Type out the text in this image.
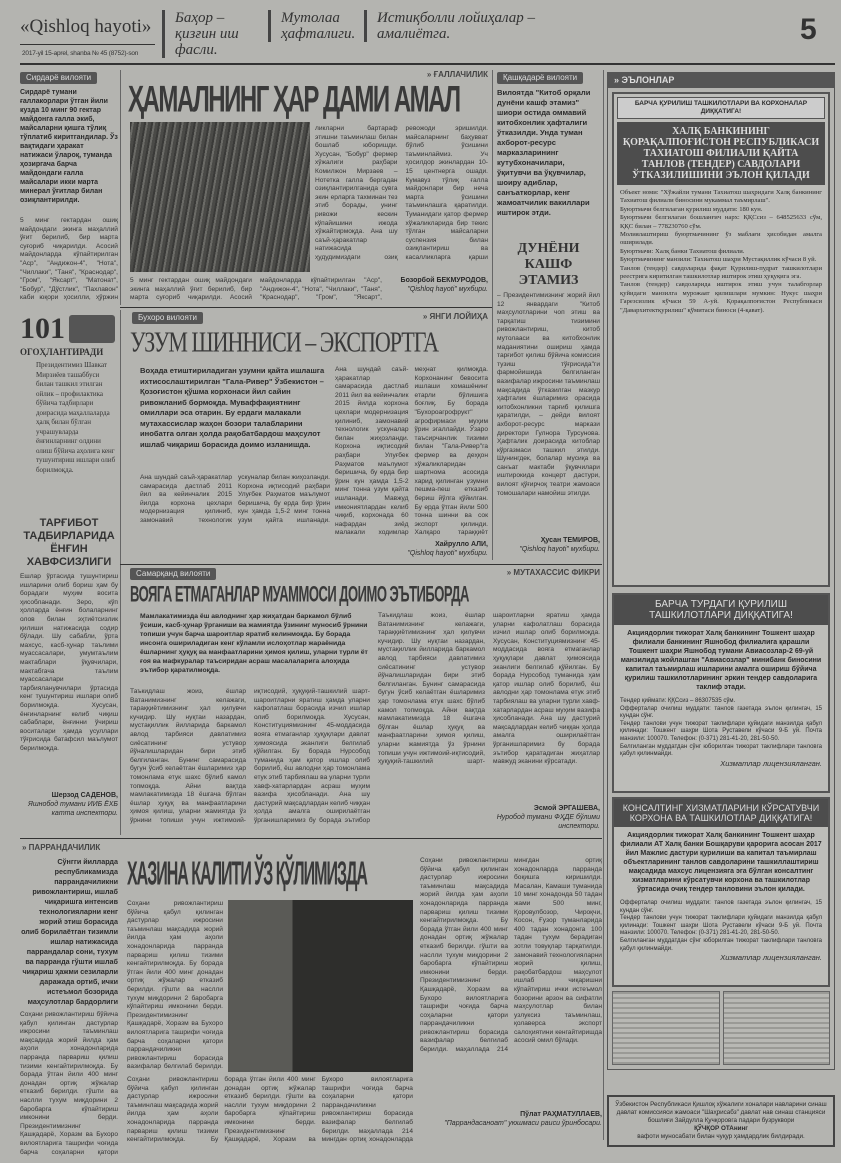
«Qishloq hayoti»
2017-yil 15-aprel, shanba № 45 (8752)-son
Баҳор – қизғин иш фасли.
Мутолаа ҳафталиги.
Истиқболли лойиҳалар – амалиётга.	5
Сирдарё вилояти
Сирдарё тумани ғаллакорлари ўтган йили кузда 10 минг 90 гектар майдонга ғалла экиб, майсаларни қишга тўлиқ тўплатиб киритгандилар. Ўз вақтидаги ҳаракат натижаси ўлароқ, туманда ҳозиргача барча майдондаги ғалла майсалари икки марта минерал ўғитлар билан озиқлантирилди.
5 минг гектардан ошиқ майдондаги экинга маҳаллий ўғит берилиб, бир марта суғориб чиқарилди. Асосий майдонларда кўпайтирилган "Аср", "Андижон-4", "Нота", "Чиллаки", "Таня", "Краснодар", "Гром", "Яксарт", "Матонат", "Бобур", "Дўстлик", "Пахлавон" каби юқори ҳосилли, ҳўржин
» ҒАЛЛАЧИЛИК
ҲАМАЛНИНГ ҲАР ДАМИ АМАЛ
ликларни бартараф этишни таъминлаш билан бошлаб юборишди. Хусусан, "Бобур" фермер хўжалиги раҳбари Комилжон Мирзаев – Нотетка галла бергадан озиқлантирилганида сувга экин ерларга тахминан тез этиб борады, унинг ривожи кескин кўпайишини ижода хўжайтирмоқда. Ана шу саъй-ҳаракатлар натижасида ҳудудимиздаги озиқ ревожоди эришилди. майсаларнинг баҳувват бўлиб ўсишини таъминлаймиз. Уч ҳосилдор экинлардан 10-15 центнерга ошади. Кумавуз тўлиқ ғалла майдонлари бир неча марта ўсишини таъминлашга қаратилди. Туманидаги қатор фермер хўжаликларида бир текис тўлган майсаларни суспензия билан озиқлантириш ва касалликларга қарши
5 минг гектардан ошиқ майдондаги экинга маҳаллий ўғит берилиб, бир марта суғориб чиқарилди. Асосий майдонларда кўпайтирилган "Аср", "Андижон-4", "Нота", "Чиллаки", "Таня", "Краснодар", "Гром", "Яксарт",
Бозорбой БЕКМУРОДОВ,
"Qishloq hayoti" мухбири.
Қашқадарё вилояти
Вилоятда "Китоб орқали дунёни кашф этамиз" шиори остида оммавий китобхонлик ҳафталиги ўтказилди. Унда туман ахборот-ресурс марказларининг кутубхоначилари, ўқитувчи ва ўқувчилар, шоиру адиблар, санъаткорлар, кенг жамоатчилик вакиллари иштирок этди.
ДУНЁНИ КАШФ ЭТАМИЗ
– Президентимизнинг жорий йил 12 январдаги "Китоб маҳсулотларини чоп этиш ва тарқатиш тизимини ривожлантириш, китоб мутолааси ва китобхонлик маданиятини ошириш ҳамда тарғибот қилиш бўйича комиссия тузиш тўғрисида"ги фармойишида белгиланган вазифалар ижросини таъминлаш мақсадида ўтказилган мазкур ҳафталик ёшларимиз орасида китобхонликни тарғиб қилишга қаратилди, – дейди вилоят ахборот-ресурс маркази директори Гулнора Турсунова. Ҳафталик доирасида китоблар кўргазмаси ташкил этилди. Шунингдек, болалар мусиқа ва санъат мактаби ўқувчилари иштирокида концерт дастури, вилоят қўғирчоқ театри жамоаси томошалари намойиш этилди.
Ҳусан ТЕМИРОВ,
"Qishloq hayoti" мухбири.
101
ОГОҲЛАНТИРАДИ
Президентимиз Шавкат Мирзиёев ташаббуси билан ташкил этилган ойлик – профилактика бўйича тадбирлари доирасида маҳаллаларда ҳалқ билан бўлган учрашувларда ёнғинларнинг олдини олиш бўйича аҳолига кенг тушунтириш ишлари олиб борилмоқда.
ТАРҒИБОТ ТАДБИРЛАРИДА ЁНҒИН ХАВФСИЗЛИГИ
Ёшлар ўртасида тушунтириш ишларини олиб бориш ҳам бу борадаги муҳим восита ҳисобланади. Зеро, кўп ҳолларда ёнғин болаларнинг олов билан эҳтиётсизлик қилиши натижасида содир бўлади. Шу сабабли, ўрта махсус, касб-ҳунар таълими муассасалари, умумтаълим мактаблари ўқувчилари, мактабгача таълим муассасалари тарбияланувчилари ўртасида кенг тушунтириш ишлари олиб борилмоқда. Хусусан, ёнғинларнинг келиб чиқиш сабаблари, ёнғинни ўчириш воситалари ҳамда усуллари тўғрисида батафсил маълумот берилмоқда.
Шерзод САДЕНОВ,
Яшнобод тумани ИИБ ЁХБ катта инспектори.
Бухоро вилояти	» ЯНГИ ЛОЙИҲА
УЗУМ ШИННИСИ – ЭКСПОРТГА
Воҳада етиштириладиган узумни қайта ишлашга ихтисослаштирилган "Гала-Ривер" Ўзбекистон – Қозоғистон қўшма корхонаси йил сайин ривожланиб бормоқда. Муваффақиятнинг омиллари эса отарин. Бу ердаги малакали мутахассислар жаҳон бозори талабларини инобатга олган ҳолда рақобатбардош маҳсулот ишлаб чиқариш борасида доимо изланишда.
Ана шундай саъй-ҳаракатлар самарасида дастлаб 2011 йил ва кейинчалик 2015 йилда корхона цехлари модернизация қилиниб, замонавий технологик ускуналар билан жиҳозланди. Корхона иқтисодий раҳбари Улуғбек Раҳматов маълумот беришича, бу ерда бир ўрин кун ҳамда 1,5-2 минг тонна узум қайта ишланади.
Ана шундай саъй-ҳаракатлар самарасида дастлаб 2011 йил ва кейинчалик 2015 йилда корхона цехлари модернизация қилиниб, замонавий технологик ускуналар билан жиҳозланди. Корхона иқтисодий раҳбари Улуғбек Раҳматов маълумот беришича, бу ерда бир ўрин кун ҳамда 1,5-2 минг тонна узум қайта ишланади. Мавжуд имкониятлардан келиб чиқиб, корхонада 60 нафардан зиёд малакали ходимлар меҳнат қилмоқда. Корхонанинг бевосита ишлаши хомашёнинг етарли бўлишига боғлиқ. Бу борада "Бухороагрофрукт" агрофирмаси муҳим ўрин эгаллайди. Ўзаро таъсирчанлик тизими билан "Гала-Ривер"га фермер ва деҳқон хўжаликларидан шартнома асосида харид қилинган узумни пешма-пеш етказиб бериш йўлга қўйилган. Бу ерда ўтган йили 500 тонна шинни ва сок экспорт қилинди. Халқаро тараққиёт
Хайрулло АЛИ,
"Qishloq hayoti" мухбири.
Самарқанд вилояти	» МУТАХАССИС ФИКРИ
ВОЯГА ЕТМАГАНЛАР МУАММОСИ ДОИМО ЭЪТИБОРДА
Мамлакатимизда ёш авлоднинг ҳар жиҳатдан баркамол бўлиб ўсиши, касб-ҳунар ўрганиши ва жамиятда ўзининг муносиб ўрнини топиши учун барча шароитлар яратиб келинмоқда. Бу борада инсонга ошириладиган кенг кўламли ислоҳотлар жараёнида ёшларнинг ҳуқуқ ва манфаатларини ҳимоя қилиш, уларни турли ёт ғоя ва мафкуралар таъсиридан асраш масалаларига алоҳида эътибор қаратилмоқда.
Таъкидлаш жоиз, ёшлар Ватанимизнинг келажаги, тараққиётимизнинг ҳал қилувчи кучидир. Шу нуқтаи назардан, мустақиллик йилларида баркамол авлод тарбияси давлатимиз сиёсатининг устувор йўналишларидан бири этиб белгиланган. Бунинг самарасида бугун ўсиб келаётган ёшларимиз ҳар томонлама етук шахс бўлиб камол топмоқда. Айни вақтда мамлакатимизда 18 ёшгача бўлган ёшлар ҳуқуқ ва манфаатларини ҳимоя қилиш, уларни жамиятда ўз ўрнини топиши учун ижтимоий-иқтисодий, ҳуқуқий-ташкилий шарт-шароитларни яратиш ҳамда уларни кафолатлаш борасида изчил ишлар олиб борилмоқда. Хусусан, Конституциямизнинг 45-моддасида вояга етмаганлар ҳуқуқлари давлат ҳимоясида эканлиги белгилаб қўйилган. Бу борада Нурсобод туманида ҳам қатор ишлар олиб борилиб, ёш авлодни ҳар томонлама етук этиб тарбиялаш ва уларни турли хавф-хатарлардан асраш муҳим вазифа ҳисобланади. Ана шу дастурий мақсадлардан келиб чиққан ҳолда амалга оширилаётган ўрганишларимиз бу борада эътибор
Таъкидлаш жоиз, ёшлар Ватанимизнинг келажаги, тараққиётимизнинг ҳал қилувчи кучидир. Шу нуқтаи назардан, мустақиллик йилларида баркамол авлод тарбияси давлатимиз сиёсатининг устувор йўналишларидан бири этиб белгиланган. Бунинг самарасида бугун ўсиб келаётган ёшларимиз ҳар томонлама етук шахс бўлиб камол топмоқда. Айни вақтда мамлакатимизда 18 ёшгача бўлган ёшлар ҳуқуқ ва манфаатларини ҳимоя қилиш, уларни жамиятда ўз ўрнини топиши учун ижтимоий-иқтисодий, ҳуқуқий-ташкилий шарт-шароитларни яратиш ҳамда уларни кафолатлаш борасида изчил ишлар олиб борилмоқда. Хусусан, Конституциямизнинг 45-моддасида вояга етмаганлар ҳуқуқлари давлат ҳимоясида эканлиги белгилаб қўйилган. Бу борада Нурсобод туманида ҳам қатор ишлар олиб борилиб, ёш авлодни ҳар томонлама етук этиб тарбиялаш ва уларни турли хавф-хатарлардан асраш муҳим вазифа ҳисобланади. Ана шу дастурий мақсадлардан келиб чиққан ҳолда амалга оширилаётган ўрганишларимиз бу борада эътибор қаратадиган жиҳатлар мавжуд эканини кўрсатади.
Эсмой ЭРГАШЕВА,
Нуробод тумани ФҲДЕ бўлими инспектори.
» ПАРРАНДАЧИЛИК
Сўнгги йилларда республикамизда паррандачиликни ривожлантириш, ишлаб чиқаришга интенсив технологияларни кенг жорий этиш борасида олиб борилаётган тизимли ишлар натижасида паррандалар сони, тухум ва парранда гўшти ишлаб чиқариш ҳажми сезиларли даражада ортиб, ички истеъмол бозорида маҳсулотлар бардорлиги
Соҳани ривожлантириш бўйича қабул қилинган дастурлар ижросини таъминлаш мақсадида жорий йилда ҳам аҳоли хонадонларида парранда парвариш қилиш тизими кенгайтирилмоқда. Бу борада ўтган йили 400 минг донадан ортиқ жўжалар етказиб берилди. гўшти ва наслли тухум миқдорини 2 баробарга кўпайтириш имконини берди. Президентимизнинг Қашқадарё, Хоразм ва Бухоро вилоятларига ташрифи чоғида барча соҳаларни қатори
ХАЗИНА КАЛИТИ ЎЗ ҚЎЛИМИЗДА
Соҳани ривожлантириш бўйича қабул қилинган дастурлар ижросини таъминлаш мақсадида жорий йилда ҳам аҳоли хонадонларида парранда парвариш қилиш тизими кенгайтирилмоқда. Бу борада ўтган йили 400 минг донадан ортиқ жўжалар етказиб берилди. гўшти ва наслли тухум миқдорини 2 баробарга кўпайтириш имконини берди. Президентимизнинг Қашқадарё, Хоразм ва Бухоро вилоятларига ташрифи чоғида барча соҳаларни қатори паррандачиликни ривожлантириш борасида вазифалар белгилаб берилди.
Соҳани ривожлантириш бўйича қабул қилинган дастурлар ижросини таъминлаш мақсадида жорий йилда ҳам аҳоли хонадонларида парранда парвариш қилиш тизими кенгайтирилмоқда. Бу борада ўтган йили 400 минг донадан ортиқ жўжалар етказиб берилди. гўшти ва наслли тухум миқдорини 2 баробарга кўпайтириш имконини берди. Президентимизнинг Қашқадарё, Хоразм ва Бухоро вилоятларига ташрифи чоғида барча соҳаларни қатори паррандачиликни ривожлантириш борасида вазифалар белгилаб берилди. маҳаллада 214 мингдан ортиқ хонадонларда
Соҳани ривожлантириш бўйича қабул қилинган дастурлар ижросини таъминлаш мақсадида жорий йилда ҳам аҳоли хонадонларида парранда парвариш қилиш тизими кенгайтирилмоқда. Бу борада ўтган йили 400 минг донадан ортиқ жўжалар етказиб берилди. гўшти ва наслли тухум миқдорини 2 баробарга кўпайтириш имконини берди. Президентимизнинг Қашқадарё, Хоразм ва Бухоро вилоятларига ташрифи чоғида барча соҳаларни қатори паррандачиликни ривожлантириш борасида вазифалар белгилаб берилди. маҳаллада 214 мингдан ортиқ хонадонларда парранда боқишга киришилди. Масалан, Камаши туманида 10 минг хонадонда 50 тадан жами 500 минг, Қоровулбозор, Чироқчи, Косон, Ғузор туманларида 400 тадан хонадонга 100 тадан тухум берадиган зотли товуқлар тарқатилди. замонавий технологияларни жорий қилиш, рақобатбардош маҳсулот ишлаб чиқаришни кўпайтириш ички истеъмол бозорини арзон ва сифатли маҳсулотлар билан узлуксиз таъминлаш, қолаверса экспорт салоҳиятини кенгайтиришда асосий омил бўлади.
Пўлат РАҲМАТУЛЛАЕВ,
"Паррандасаноат" уюшмаси раиси ўринбосари.
» ЭЪЛОНЛАР
БАРЧА ҚУРИЛИШ ТАШКИЛОТЛАРИ ВА КОРХОНАЛАР ДИҚҚАТИГА!
ХАЛҚ БАНКИНИНГ ҚОРАҚАЛПОҒИСТОН РЕСПУБЛИКАСИ ТАХИАТОШ ФИЛИАЛИ ҚАЙТА ТАНЛОВ (ТЕНДЕР) САВДОЛАРИ ЎТКАЗИЛИШИНИ ЭЪЛОН ҚИЛАДИ

Объект номи: "Хўжайли тумани Тахиатош шаҳридаги Халқ банкининг Тахиатош филиали биносини мукаммал таъмирлаш".

Буюртмачи белгилаган қурилиш муддати: 180 кун.

Буюртмачи белгилаган бошланғич нарх: ҚҚСсиз – 648525633 сўм, ҚҚС билан – 778230760 сўм.

Молиялаштириш буюртмачининг ўз маблағи ҳисобидан амалга оширилади.

Буюртмачи: Халқ банки Тахиатош филиали.

Буюртмачининг манзили: Тахиатош шаҳри Мустақиллик кўчаси 8 уй.

Танлов (тендер) савдоларида фақат Қурилиш-пудрат ташкилотлари реестрига киритилган ташкилотлар иштирок этиш ҳуқуқига эга.

Танлов (тендер) савдоларида иштирок этиш учун талабгорлар қуйидаги манзилга мурожаат қилишлари мумкин: Нукус шаҳри Гарезсизлик кўчаси 59 А-уй. Қорақалпоғистон Республикаси "Давархитектқурилиш" қўмитаси биноси (4-қават).

БАРЧА ТУРДАГИ ҚУРИЛИШ ТАШКИЛОТЛАРИ ДИҚҚАТИГА!
Акциядорлик тижорат Халқ банкининг Тошкент шаҳар филиали банкининг Яшнобод филиалига қарашли Тошкент шаҳри Яшнобод тумани Авиасозлар-2 69-уй манзилида жойлашган "Авиасозлар" минибанк биносини капитал таъмирлаш ишларини амалга ошириш бўйича қурилиш ташкилотларининг эркин тендер савдоларига таклиф этади.

Тендер қиймати: ҚҚСсиз – 86307535 сўм.

Офферталар очилиш муддати: танлов газетада эълон қилингач, 15 кундан сўнг.

Тендер танлови учун тижорат таклифлари қуйидаги манзилда қабул қилинади: Тошкент шаҳри Шота Руставели кўчаси 9-Б уй. Почта манзили: 100070. Телефон: (0-371) 281-41-20, 281-50-50.

Белгиланган муддатдан сўнг юборилган тижорат таклифлари танловга қабул қилинмайди.

Хизматлар лицензияланган.

КОНСАЛТИНГ ХИЗМАТЛАРИНИ КЎРСАТУВЧИ КОРХОНА ВА ТАШКИЛОТЛАР ДИҚҚАТИГА!
Акциядорлик тижорат Халқ банкининг Тошкент шаҳар филиали АТ Халқ банки Бошқаруви қарорига асосан 2017 йил Мажлис дастури қурилиши ва капитал таъмирлаш объектларининг танлов савдоларини ташкиллаштириш мақсадида махсус лицензияга эга бўлган консалтинг хизматларини кўрсатувчи корхона ва ташкилотлар ўртасида очиқ тендер танловини эълон қилади.

Офферталар очилиш муддати: танлов газетада эълон қилингач, 15 кундан сўнг.

Тендер танлови учун тижорат таклифлари қуйидаги манзилда қабул қилинади: Тошкент шаҳри Шота Руставели кўчаси 9-Б уй. Почта манзили: 100070. Телефон: (0-371) 281-41-20, 281-50-50.

Белгиланган муддатдан сўнг юборилган тижорат таклифлари танловга қабул қилинмайди.

Хизматлар лицензияланган.

Ўзбекистон Республикаси Қишлоқ хўжалиги хоналари навларини синаш давлат комиссияси жамоаси "Шаҳрисабз" давлат нав синаш станцияси бошлиғи Зайдулла Қучқоровга падари бузруквори
ҚЎЧҚОР ОТАнинг
вафоти муносабати билан чуқур ҳамдардлик билдиради.
